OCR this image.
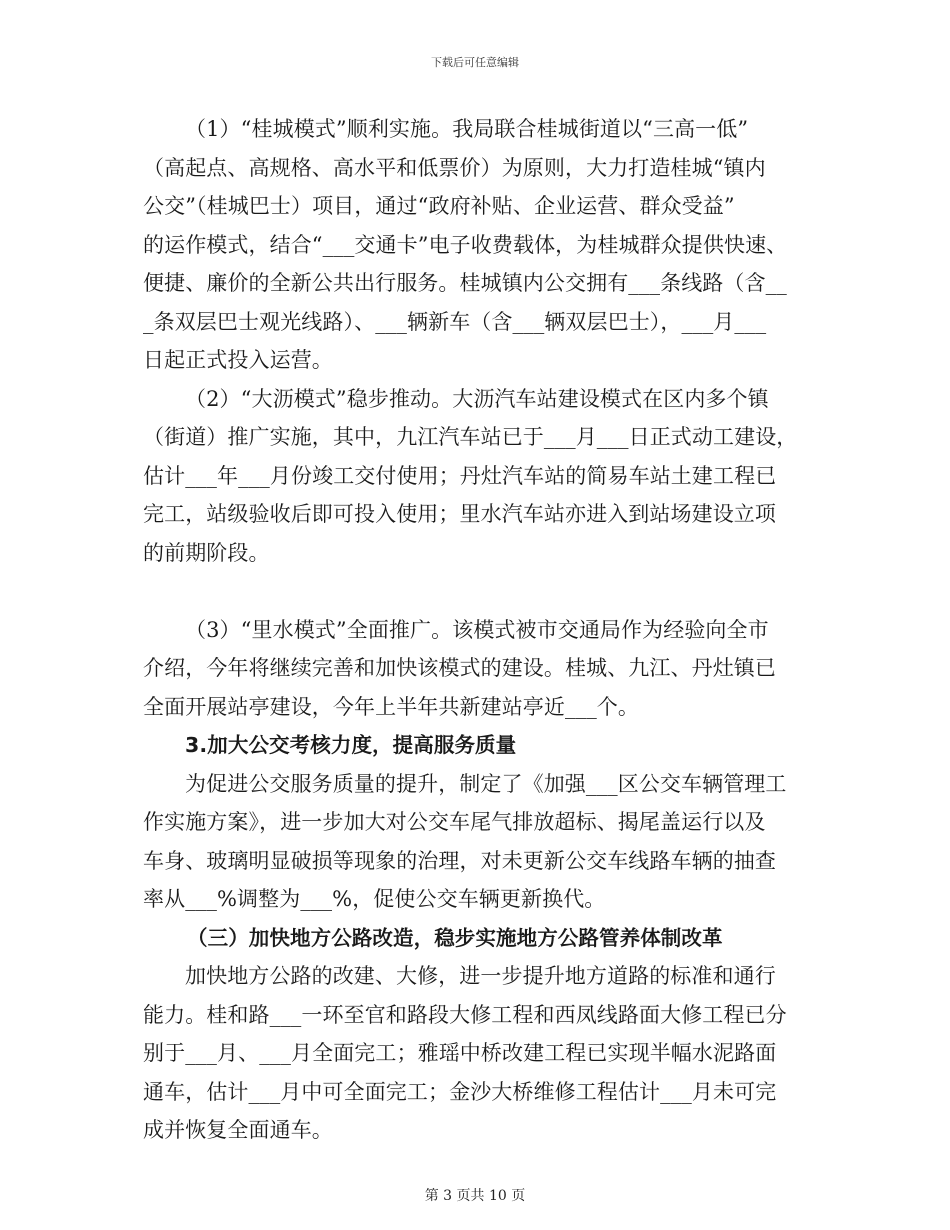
下载后可任意编辑
（1）“桂城模式”顺利实施。我局联合桂城街道以“三高一低”
（高起点、高规格、高水平和低票价）为原则，大力打造桂城“镇内
公交”（桂城巴士）项目，通过“政府补贴、企业运营、群众受益”
的运作模式，结合“___交通卡”电子收费载体，为桂城群众提供快速、
便捷、廉价的全新公共出行服务。桂城镇内公交拥有___条线路（含__
_条双层巴士观光线路）、___辆新车（含___辆双层巴士），___月___
日起正式投入运营。
（2）“大沥模式”稳步推动。大沥汽车站建设模式在区内多个镇
（街道）推广实施，其中，九江汽车站已于___月___日正式动工建设，
估计___年___月份竣工交付使用；丹灶汽车站的简易车站土建工程已
完工，站级验收后即可投入使用；里水汽车站亦进入到站场建设立项
的前期阶段。
（3）“里水模式”全面推广。该模式被市交通局作为经验向全市
介绍，今年将继续完善和加快该模式的建设。桂城、九江、丹灶镇已
全面开展站亭建设，今年上半年共新建站亭近___个。
3.加大公交考核力度，提高服务质量
为促进公交服务质量的提升，制定了《加强___区公交车辆管理工
作实施方案》，进一步加大对公交车尾气排放超标、揭尾盖运行以及
车身、玻璃明显破损等现象的治理，对未更新公交车线路车辆的抽查
率从___%调整为___%，促使公交车辆更新换代。
（三）加快地方公路改造，稳步实施地方公路管养体制改革
加快地方公路的改建、大修，进一步提升地方道路的标准和通行
能力。桂和路___一环至官和路段大修工程和西凤线路面大修工程已分
别于___月、___月全面完工；雅瑶中桥改建工程已实现半幅水泥路面
通车，估计___月中可全面完工；金沙大桥维修工程估计___月未可完
成并恢复全面通车。
第 3 页共 10 页
